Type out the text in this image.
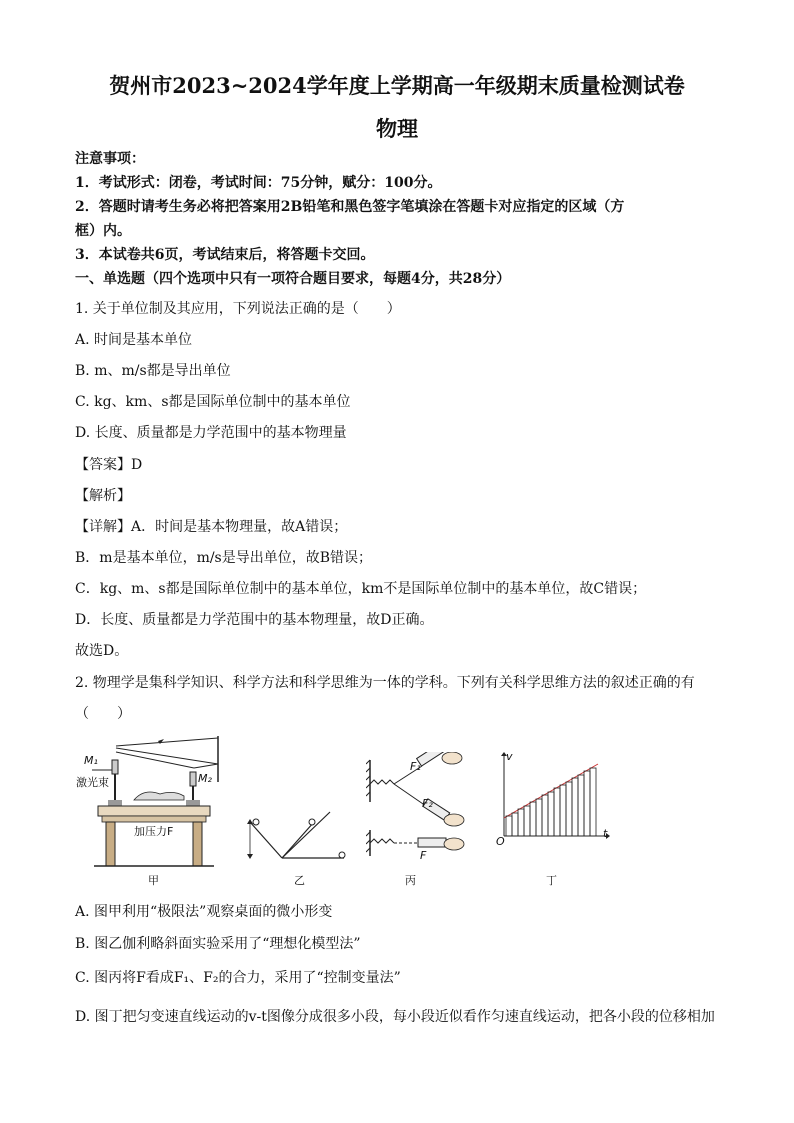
贺州市2023~2024学年度上学期高一年级期末质量检测试卷
物理
注意事项：
1．考试形式：闭卷，考试时间：75分钟，赋分：100分。
2．答题时请考生务必将把答案用2B铅笔和黑色签字笔填涂在答题卡对应指定的区域（方
框）内。
3．本试卷共6页，考试结束后，将答题卡交回。
一、单选题（四个选项中只有一项符合题目要求，每题4分，共28分）
1. 关于单位制及其应用，下列说法正确的是（　　）
A. 时间是基本单位
B. m、m/s都是导出单位
C. kg、km、s都是国际单位制中的基本单位
D. 长度、质量都是力学范围中的基本物理量
【答案】D
【解析】
【详解】A．时间是基本物理量，故A错误；
B．m是基本单位，m/s是导出单位，故B错误；
C．kg、m、s都是国际单位制中的基本单位，km不是国际单位制中的基本单位，故C错误；
D．长度、质量都是力学范围中的基本物理量，故D正确。
故选D。
2. 物理学是集科学知识、科学方法和科学思维为一体的学科。下列有关科学思维方法的叙述正确的有
（　　）
M₁
M₂
激光束
加压力F
甲	乙
F₁
F₂
F
丙
v
t
O
丁
A. 图甲利用“极限法”观察桌面的微小形变
B. 图乙伽利略斜面实验采用了“理想化模型法”
C. 图丙将F看成F₁、F₂的合力，采用了“控制变量法”
D. 图丁把匀变速直线运动的v-t图像分成很多小段，每小段近似看作匀速直线运动，把各小段的位移相加
